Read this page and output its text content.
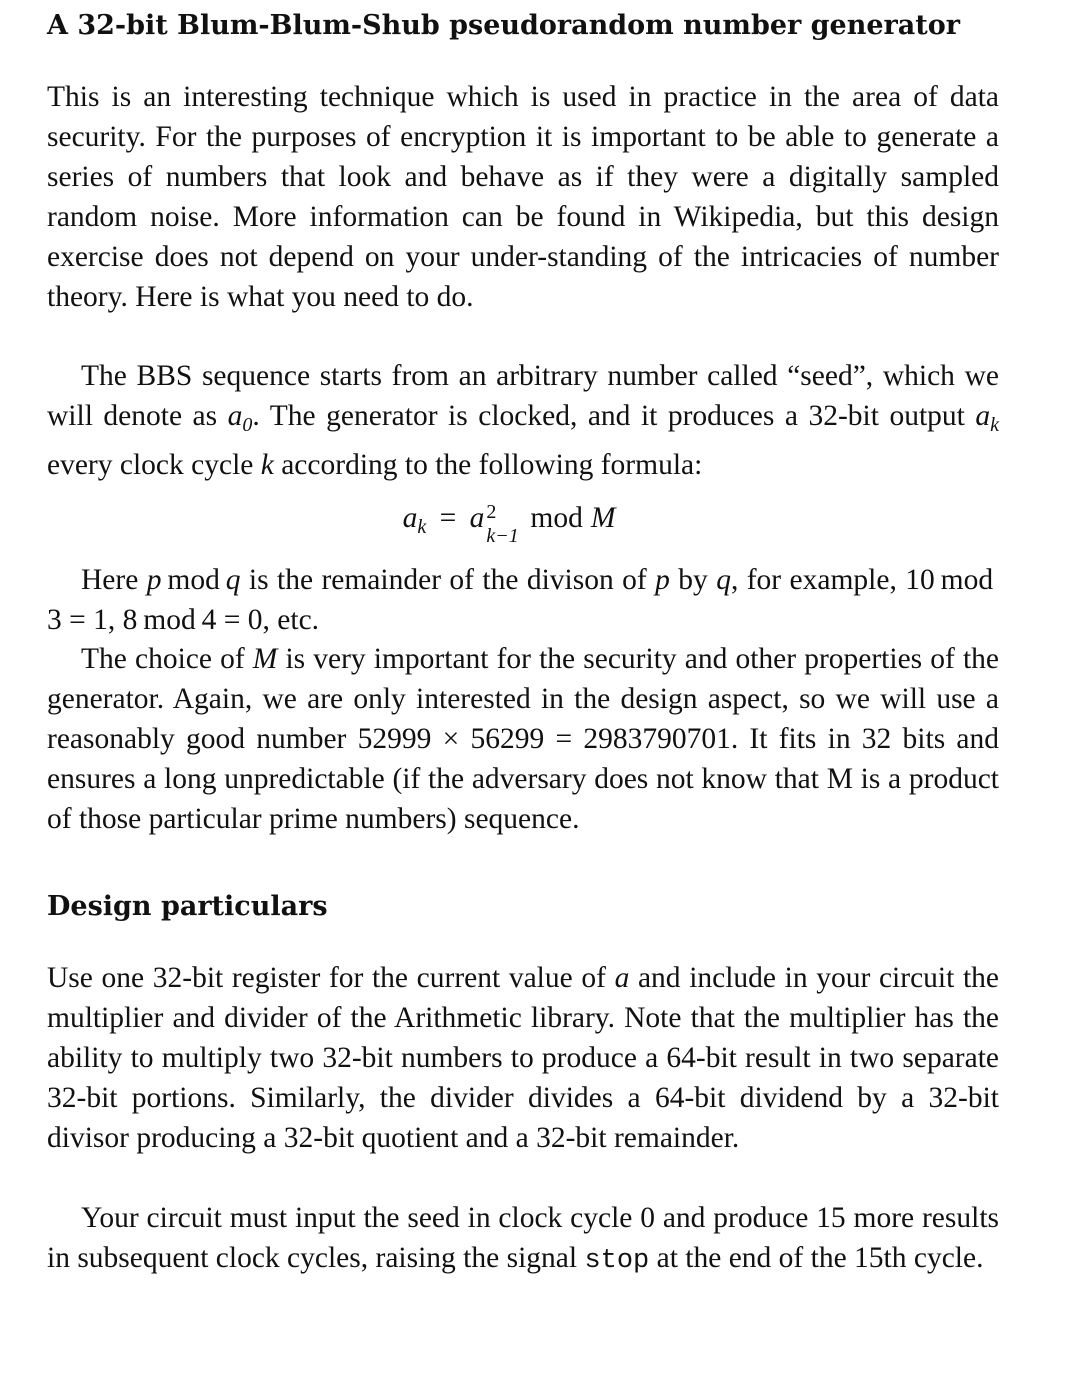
A 32-bit Blum-Blum-Shub pseudorandom number generator

This is an interesting technique which is used in practice in the area of data security. For the purposes of encryption it is important to be able to generate a series of numbers that look and behave as if they were a digitally sampled random noise. More information can be found in Wikipedia, but this design exercise does not depend on your under-standing of the intricacies of number theory. Here is what you need to do.

The BBS sequence starts from an arbitrary number called “seed”, which we will denote as $a_0$. The generator is clocked, and it produces a 32-bit output $a_k$ every clock cycle k according to the following formula:

$a_k = a$ 2
k−1
mod M

Here p  mod  q is the remainder of the divison of p by q, for example, 10 mod 3 = 1, 8 mod 4 = 0, etc.

The choice of M is very important for the security and other properties of the generator. Again, we are only interested in the design aspect, so we will use a reasonably good number 52999 × 56299 = 2983790701. It fits in 32 bits and ensures a long unpredictable (if the adversary does not know that M is a product of those particular prime numbers) sequence.

Design particulars

Use one 32-bit register for the current value of a and include in your circuit the multiplier and divider of the Arithmetic library. Note that the multiplier has the ability to multiply two 32-bit numbers to produce a 64-bit result in two separate 32-bit portions. Similarly, the divider divides a 64-bit dividend by a 32-bit divisor producing a 32-bit quotient and a 32-bit remainder.

Your circuit must input the seed in clock cycle 0 and produce 15 more results in subsequent clock cycles, raising the signal stop at the end of the 15th cycle.
